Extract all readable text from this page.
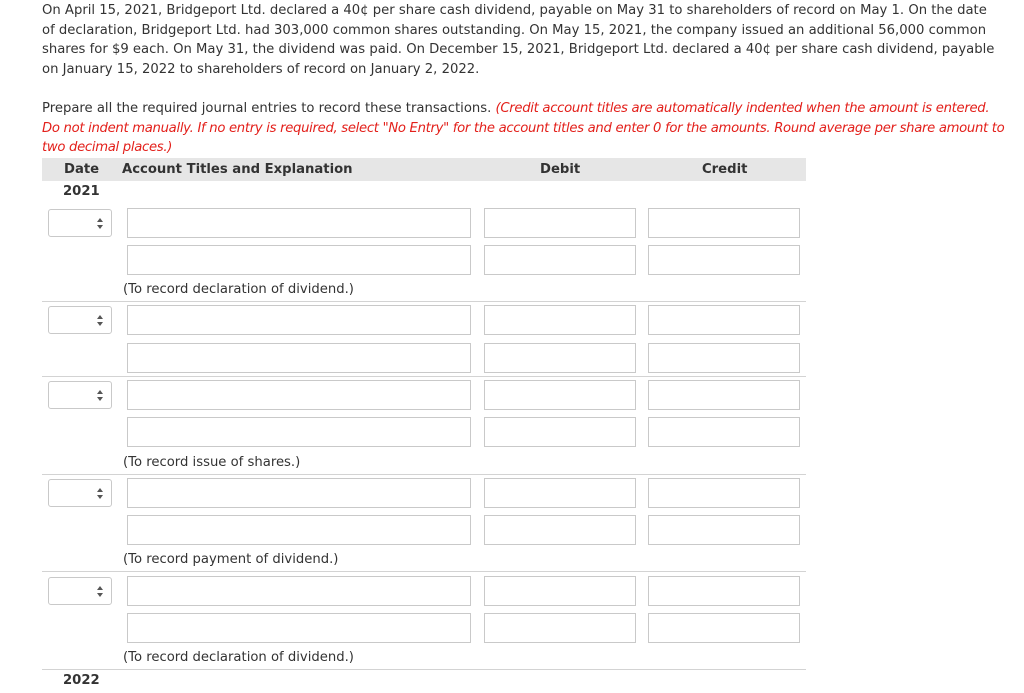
On April 15, 2021, Bridgeport Ltd. declared a 40¢ per share cash dividend, payable on May 31 to shareholders of record on May 1. On the date of declaration, Bridgeport Ltd. had 303,000 common shares outstanding. On May 15, 2021, the company issued an additional 56,000 common shares for $9 each. On May 31, the dividend was paid. On December 15, 2021, Bridgeport Ltd. declared a 40¢ per share cash dividend, payable on January 15, 2022 to shareholders of record on January 2, 2022.
Prepare all the required journal entries to record these transactions. (Credit account titles are automatically indented when the amount is entered. Do not indent manually. If no entry is required, select "No Entry" for the account titles and enter 0 for the amounts. Round average per share amount to two decimal places.)
Date Account Titles and Explanation	Debit	Credit
2021
(To record declaration of dividend.)
(To record issue of shares.)
(To record payment of dividend.)
(To record declaration of dividend.)
2022
